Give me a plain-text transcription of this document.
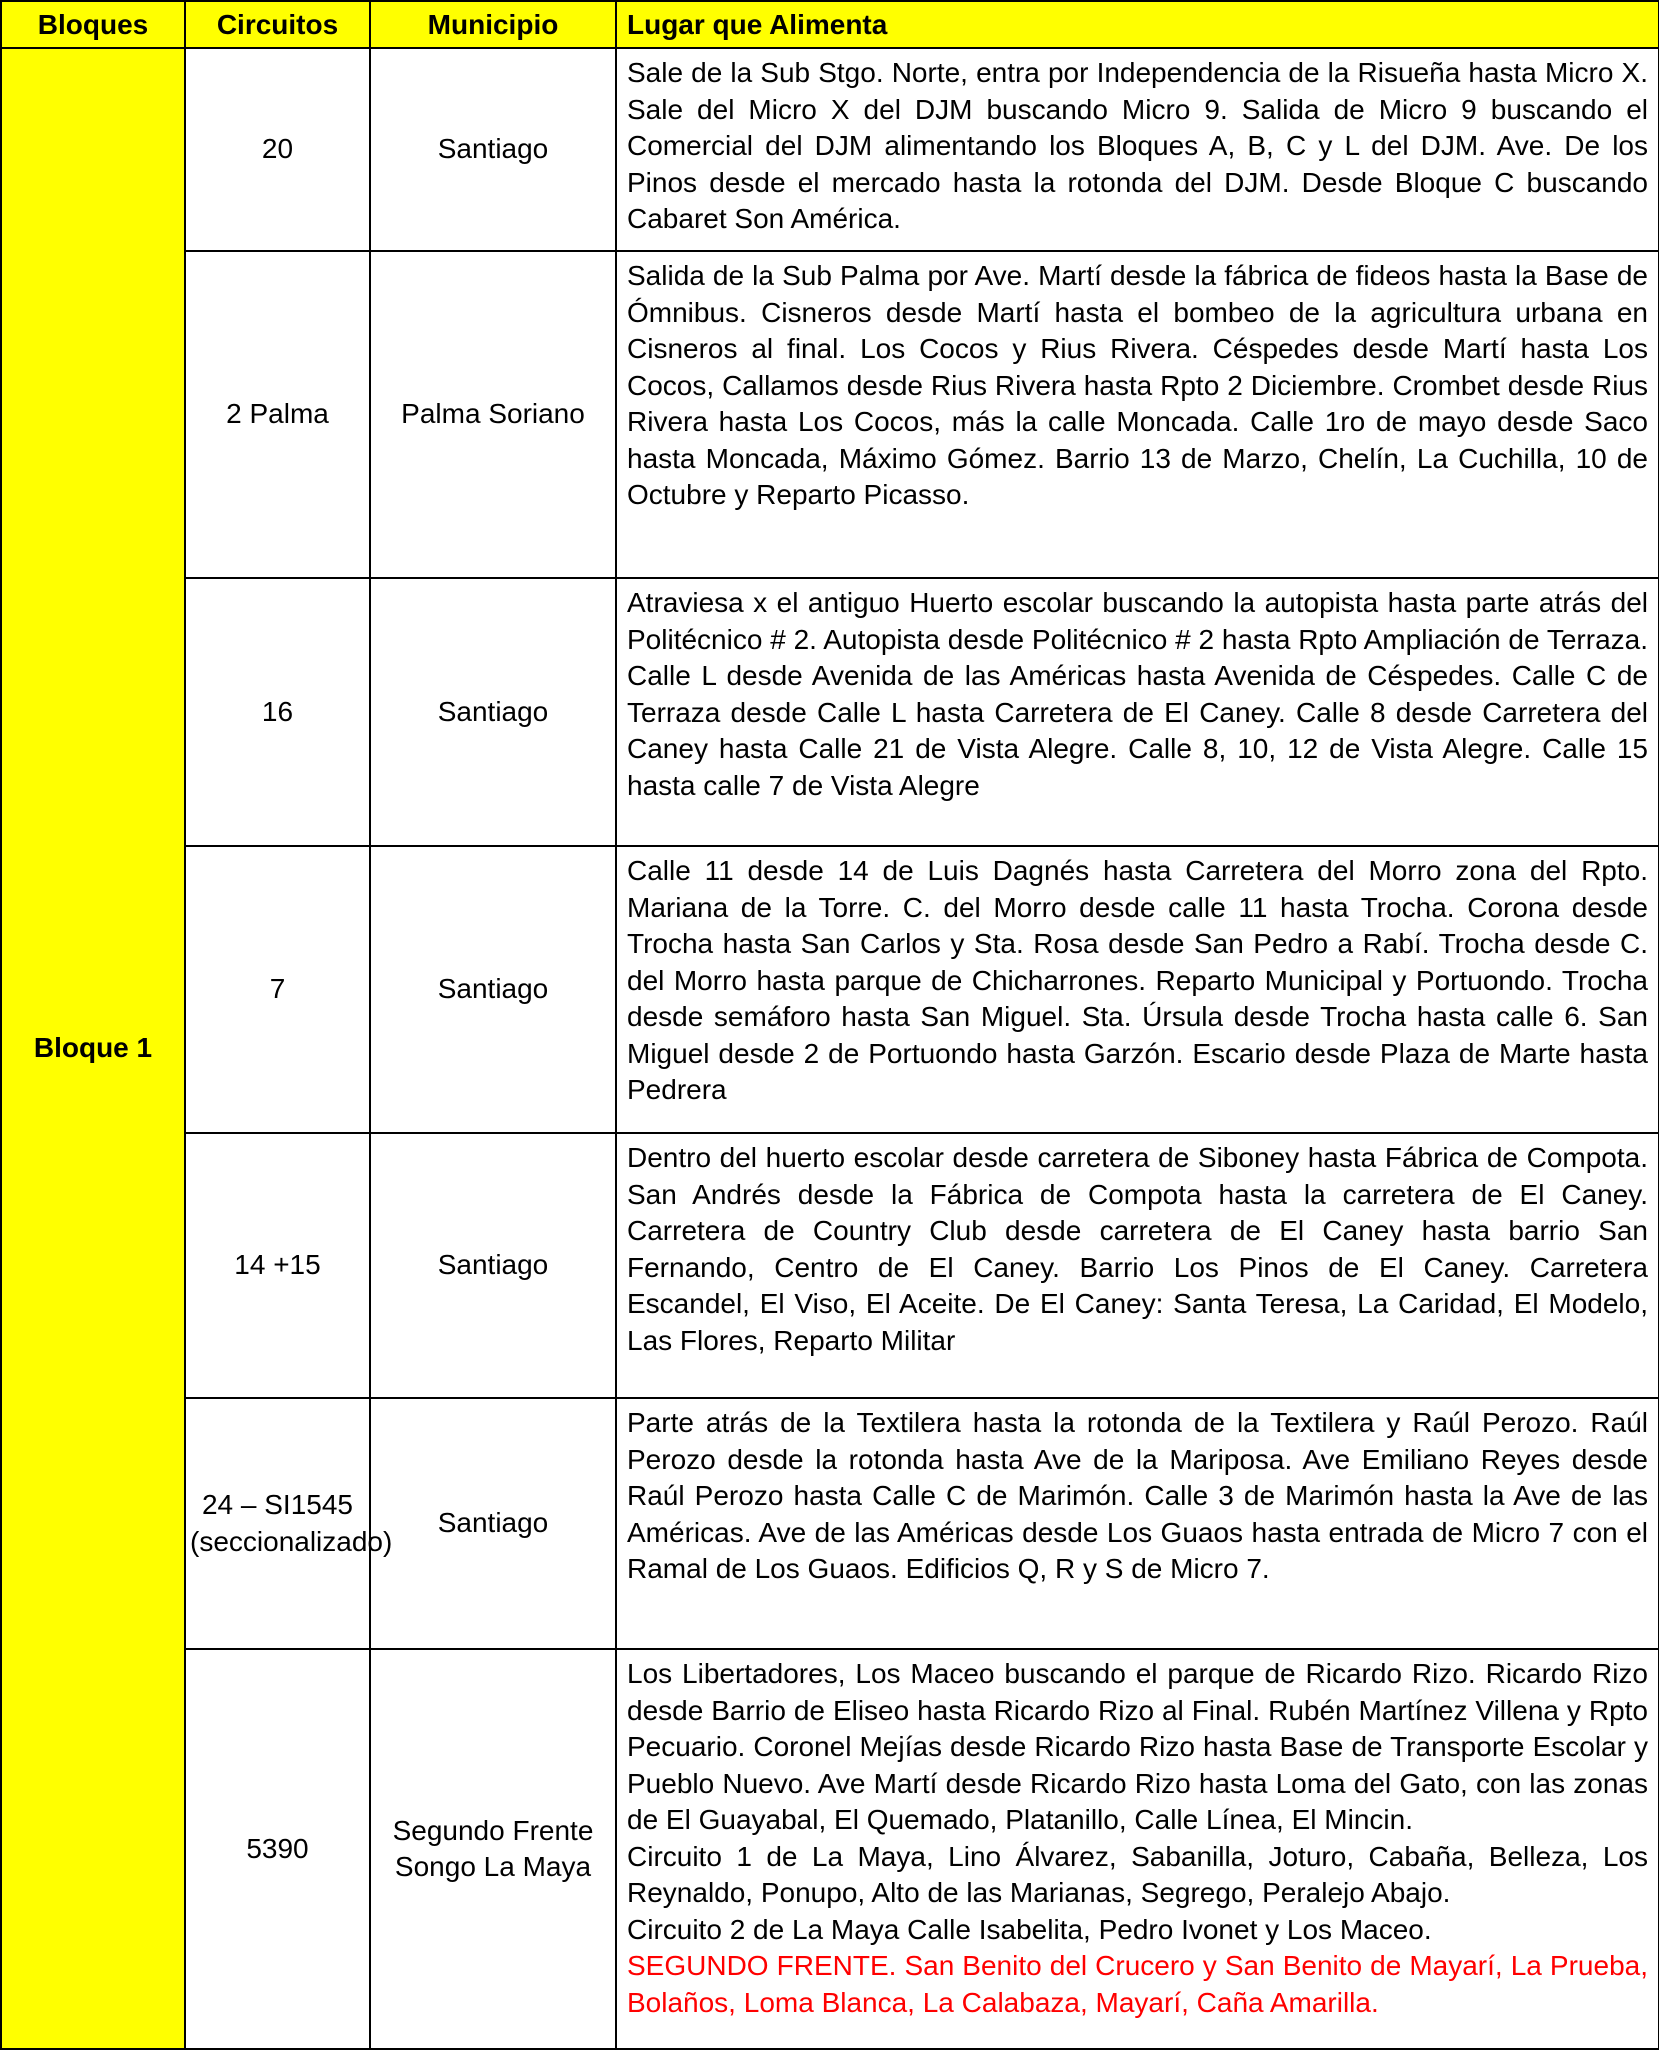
Bloques	Circuitos	Municipio	Lugar que Alimenta
Bloque 1	20	Santiago	Sale de la Sub Stgo. Norte, entra por Independencia de la Risueña hasta Micro X. Sale del Micro X del DJM buscando Micro 9. Salida de Micro 9 buscando el Comercial del DJM alimentando los Bloques A, B, C y L del DJM. Ave. De los Pinos desde el mercado hasta la rotonda del DJM. Desde Bloque C buscando Cabaret Son América.
	2 Palma	Palma Soriano	Salida de la Sub Palma por Ave. Martí desde la fábrica de fideos hasta la Base de Ómnibus. Cisneros desde Martí hasta el bombeo de la agricultura urbana en Cisneros al final. Los Cocos y Rius Rivera. Céspedes desde Martí hasta Los Cocos, Callamos desde Rius Rivera hasta Rpto 2 Diciembre. Crombet desde Rius Rivera hasta Los Cocos, más la calle Moncada. Calle 1ro de mayo desde Saco hasta Moncada, Máximo Gómez. Barrio 13 de Marzo, Chelín, La Cuchilla, 10 de Octubre y Reparto Picasso.
	16	Santiago	Atraviesa x el antiguo Huerto escolar buscando la autopista hasta parte atrás del Politécnico # 2. Autopista desde Politécnico # 2 hasta Rpto Ampliación de Terraza. Calle L desde Avenida de las Américas hasta Avenida de Céspedes. Calle C de Terraza desde Calle L hasta Carretera de El Caney. Calle 8 desde Carretera del Caney hasta Calle 21 de Vista Alegre. Calle 8, 10, 12 de Vista Alegre. Calle 15 hasta calle 7 de Vista Alegre
	7	Santiago	Calle 11 desde 14 de Luis Dagnés hasta Carretera del Morro zona del Rpto. Mariana de la Torre. C. del Morro desde calle 11 hasta Trocha. Corona desde Trocha hasta San Carlos y Sta. Rosa desde San Pedro a Rabí. Trocha desde C. del Morro hasta parque de Chicharrones. Reparto Municipal y Portuondo. Trocha desde semáforo hasta San Miguel. Sta. Úrsula desde Trocha hasta calle 6. San Miguel desde 2 de Portuondo hasta Garzón. Escario desde Plaza de Marte hasta Pedrera
	14 +15	Santiago	Dentro del huerto escolar desde carretera de Siboney hasta Fábrica de Compota. San Andrés desde la Fábrica de Compota hasta la carretera de El Caney. Carretera de Country Club desde carretera de El Caney hasta barrio San Fernando, Centro de El Caney. Barrio Los Pinos de El Caney. Carretera Escandel, El Viso, El Aceite. De El Caney: Santa Teresa, La Caridad, El Modelo, Las Flores, Reparto Militar
	24 – SI1545 (seccionalizado)	Santiago	Parte atrás de la Textilera hasta la rotonda de la Textilera y Raúl Perozo. Raúl Perozo desde la rotonda hasta Ave de la Mariposa. Ave Emiliano Reyes desde Raúl Perozo hasta Calle C de Marimón. Calle 3 de Marimón hasta la Ave de las Américas. Ave de las Américas desde Los Guaos hasta entrada de Micro 7 con el Ramal de Los Guaos. Edificios Q, R y S de Micro 7.
	5390	Segundo Frente Songo La Maya	Los Libertadores, Los Maceo buscando el parque de Ricardo Rizo. Ricardo Rizo desde Barrio de Eliseo hasta Ricardo Rizo al Final. Rubén Martínez Villena y Rpto Pecuario. Coronel Mejías desde Ricardo Rizo hasta Base de Transporte Escolar y Pueblo Nuevo. Ave Martí desde Ricardo Rizo hasta Loma del Gato, con las zonas de El Guayabal, El Quemado, Platanillo, Calle Línea, El Mincin.
Circuito 1 de La Maya, Lino Álvarez, Sabanilla, Joturo, Cabaña, Belleza, Los Reynaldo, Ponupo, Alto de las Marianas, Segrego, Peralejo Abajo.
Circuito 2 de La Maya Calle Isabelita, Pedro Ivonet y Los Maceo.
SEGUNDO FRENTE. San Benito del Crucero y San Benito de Mayarí, La Prueba, Bolaños, Loma Blanca, La Calabaza, Mayarí, Caña Amarilla.
